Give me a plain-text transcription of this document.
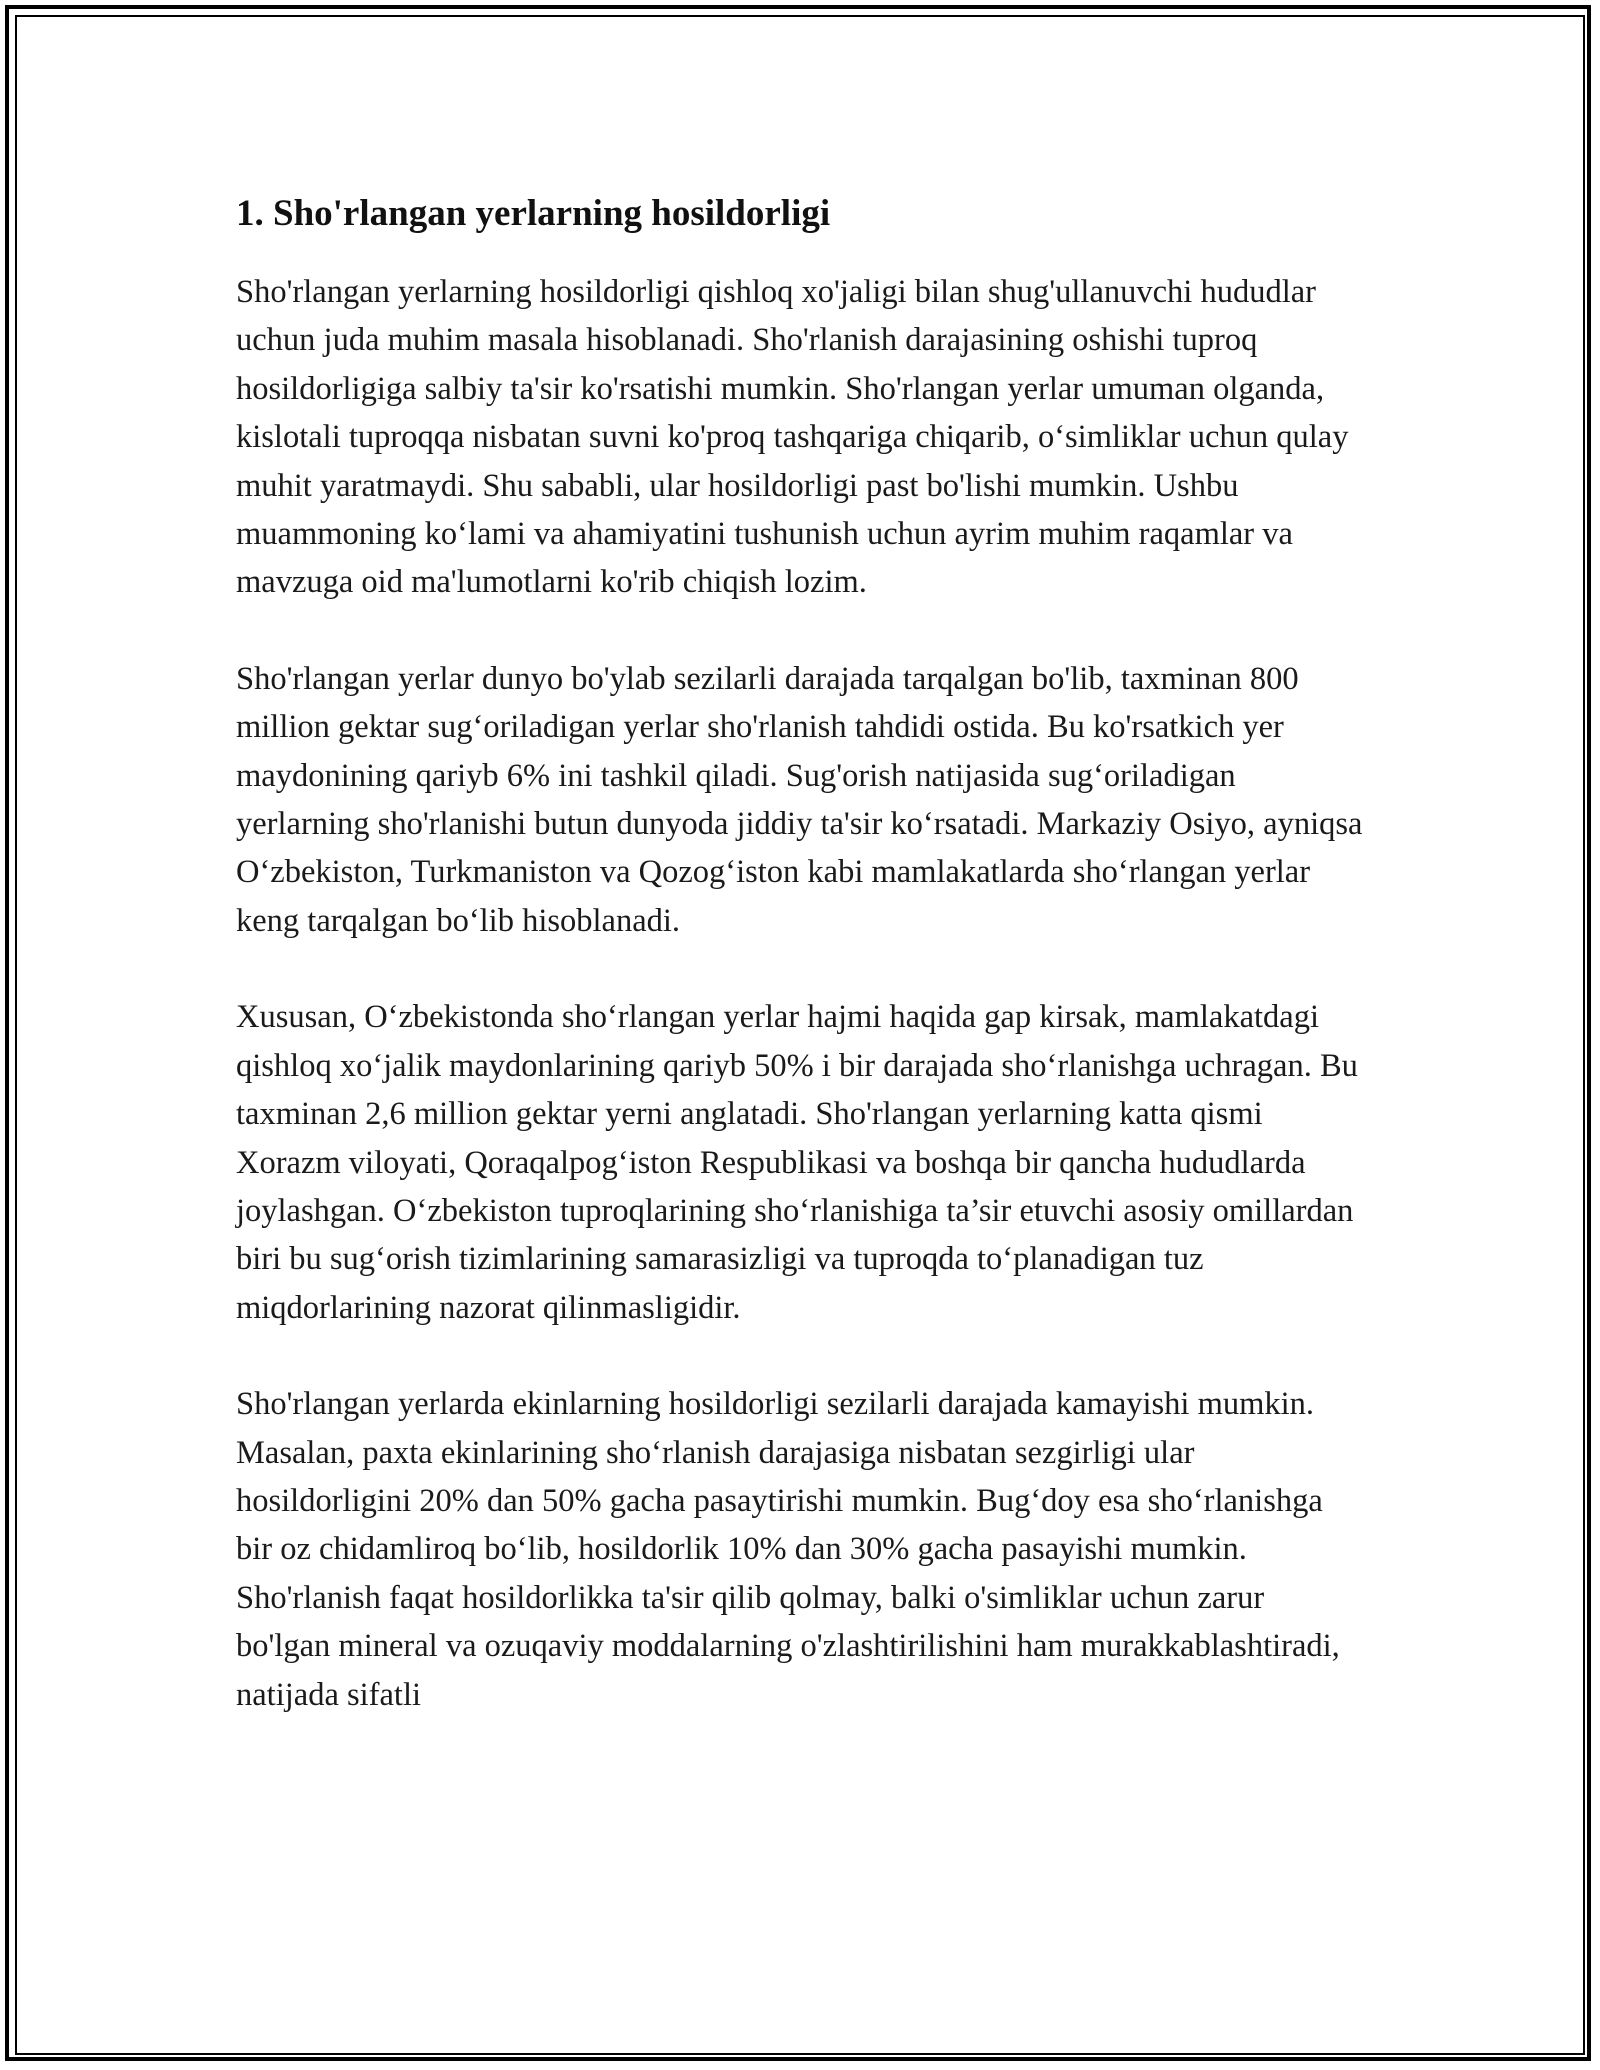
1. Sho'rlangan yerlarning hosildorligi

Sho'rlangan yerlarning hosildorligi qishloq xo'jaligi bilan shug'ullanuvchi hududlar uchun juda muhim masala hisoblanadi. Sho'rlanish darajasining oshishi tuproq hosildorligiga salbiy ta'sir ko'rsatishi mumkin. Sho'rlangan yerlar umuman olganda, kislotali tuproqqa nisbatan suvni ko'proq tashqariga chiqarib, o‘simliklar uchun qulay muhit yaratmaydi. Shu sababli, ular hosildorligi past bo'lishi mumkin. Ushbu muammoning ko‘lami va ahamiyatini tushunish uchun ayrim muhim raqamlar va mavzuga oid ma'lumotlarni ko'rib chiqish lozim.

Sho'rlangan yerlar dunyo bo'ylab sezilarli darajada tarqalgan bo'lib, taxminan 800 million gektar sug‘oriladigan yerlar sho'rlanish tahdidi ostida. Bu ko'rsatkich yer maydonining qariyb 6% ini tashkil qiladi. Sug'orish natijasida sug‘oriladigan yerlarning sho'rlanishi butun dunyoda jiddiy ta'sir ko‘rsatadi. Markaziy Osiyo, ayniqsa O‘zbekiston, Turkmaniston va Qozog‘iston kabi mamlakatlarda sho‘rlangan yerlar keng tarqalgan bo‘lib hisoblanadi.

Xususan, O‘zbekistonda sho‘rlangan yerlar hajmi haqida gap kirsak, mamlakatdagi qishloq xo‘jalik maydonlarining qariyb 50% i bir darajada sho‘rlanishga uchragan. Bu taxminan 2,6 million gektar yerni anglatadi. Sho'rlangan yerlarning katta qismi Xorazm viloyati, Qoraqalpog‘iston Respublikasi va boshqa bir qancha hududlarda joylashgan. O‘zbekiston tuproqlarining sho‘rlanishiga ta’sir etuvchi asosiy omillardan biri bu sug‘orish tizimlarining samarasizligi va tuproqda to‘planadigan tuz miqdorlarining nazorat qilinmasligidir.

Sho'rlangan yerlarda ekinlarning hosildorligi sezilarli darajada kamayishi mumkin. Masalan, paxta ekinlarining sho‘rlanish darajasiga nisbatan sezgirligi ular hosildorligini 20% dan 50% gacha pasaytirishi mumkin. Bug‘doy esa sho‘rlanishga bir oz chidamliroq bo‘lib, hosildorlik 10% dan 30% gacha pasayishi mumkin. Sho'rlanish faqat hosildorlikka ta'sir qilib qolmay, balki o'simliklar uchun zarur bo'lgan mineral va ozuqaviy moddalarning o'zlashtirilishini ham murakkablashtiradi, natijada sifatli
